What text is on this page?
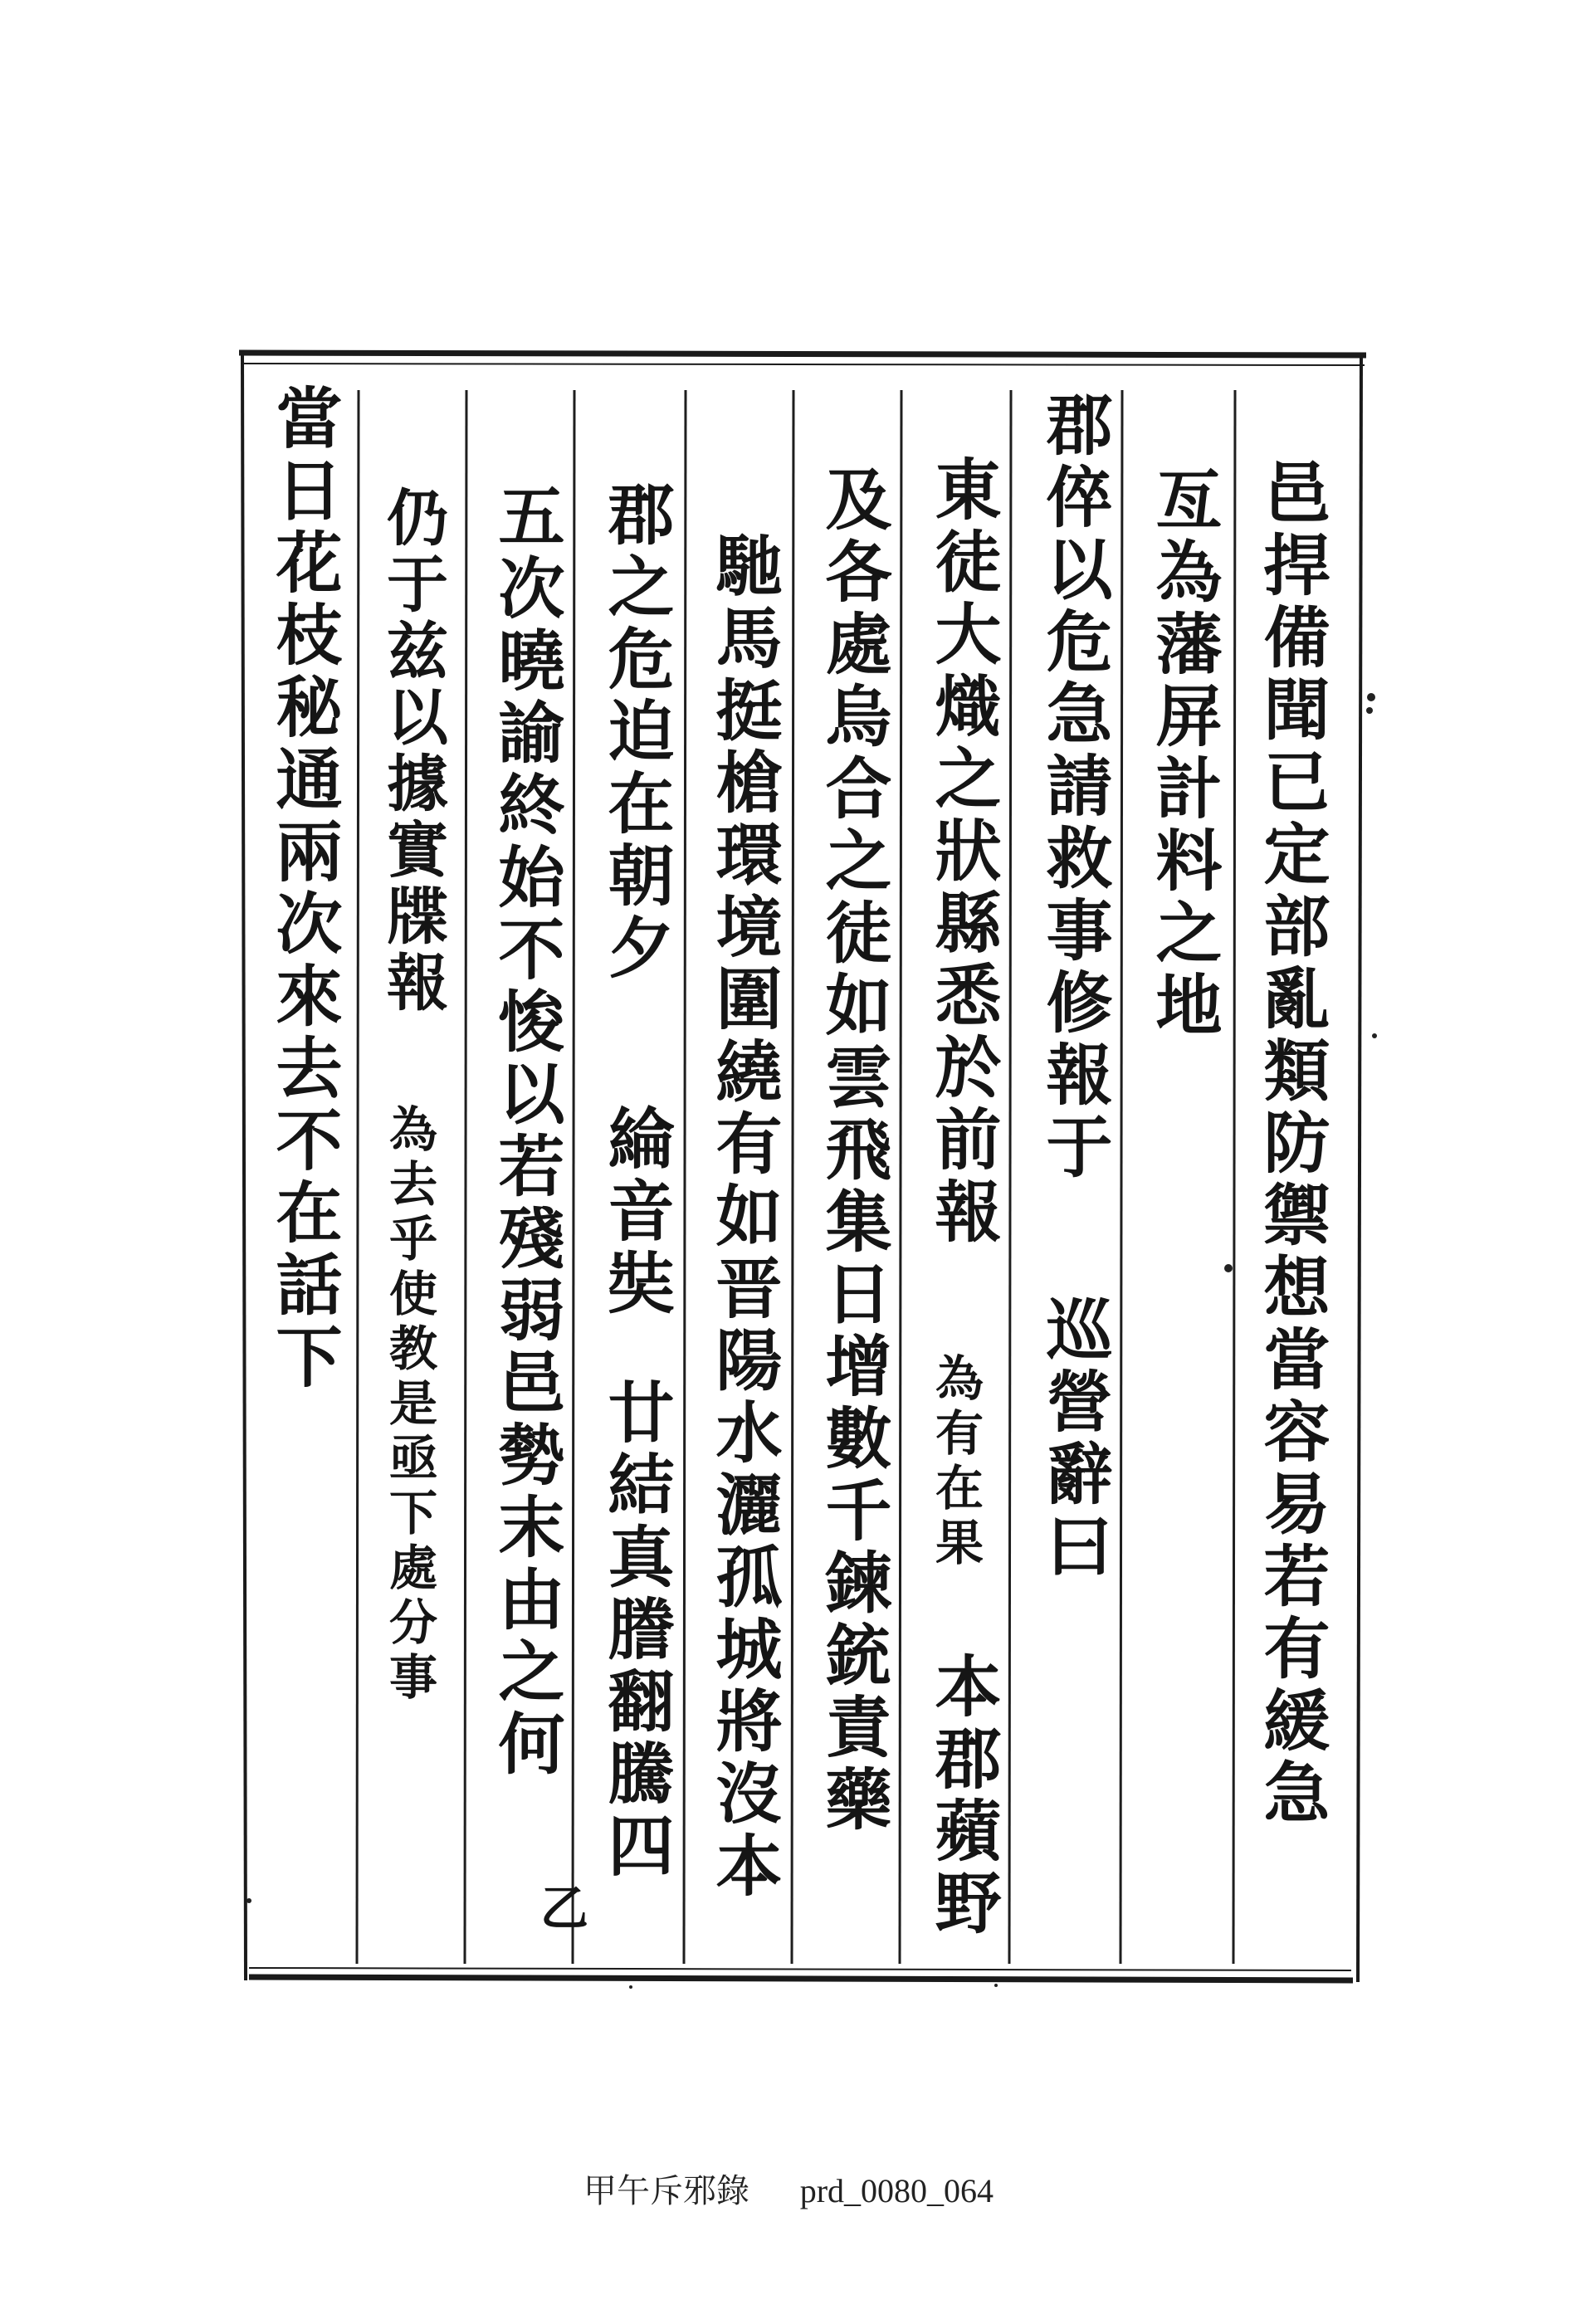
邑捍備聞已定部亂類防禦想當容易若有緩急
亙為藩屏計料之地
郡倅以危急請救事修報于
巡營辭曰
東徒大熾之狀縣悉於前報
為有在果
本郡蘋野
及各處烏合之徒如雲飛集日增數千鍊銃責藥
馳馬挺槍環境圍繞有如晋陽水灑孤城將沒本
郡之危迫在朝夕
綸音奘
廿結真謄翻騰四
五次曉諭終始不悛以若殘弱邑勢末由之何
乙
仍于兹以據實牒報
為去乎使教是亟下處分事
當日花枝秘通兩次來去不在話下
甲午斥邪錄 prd_0080_064
